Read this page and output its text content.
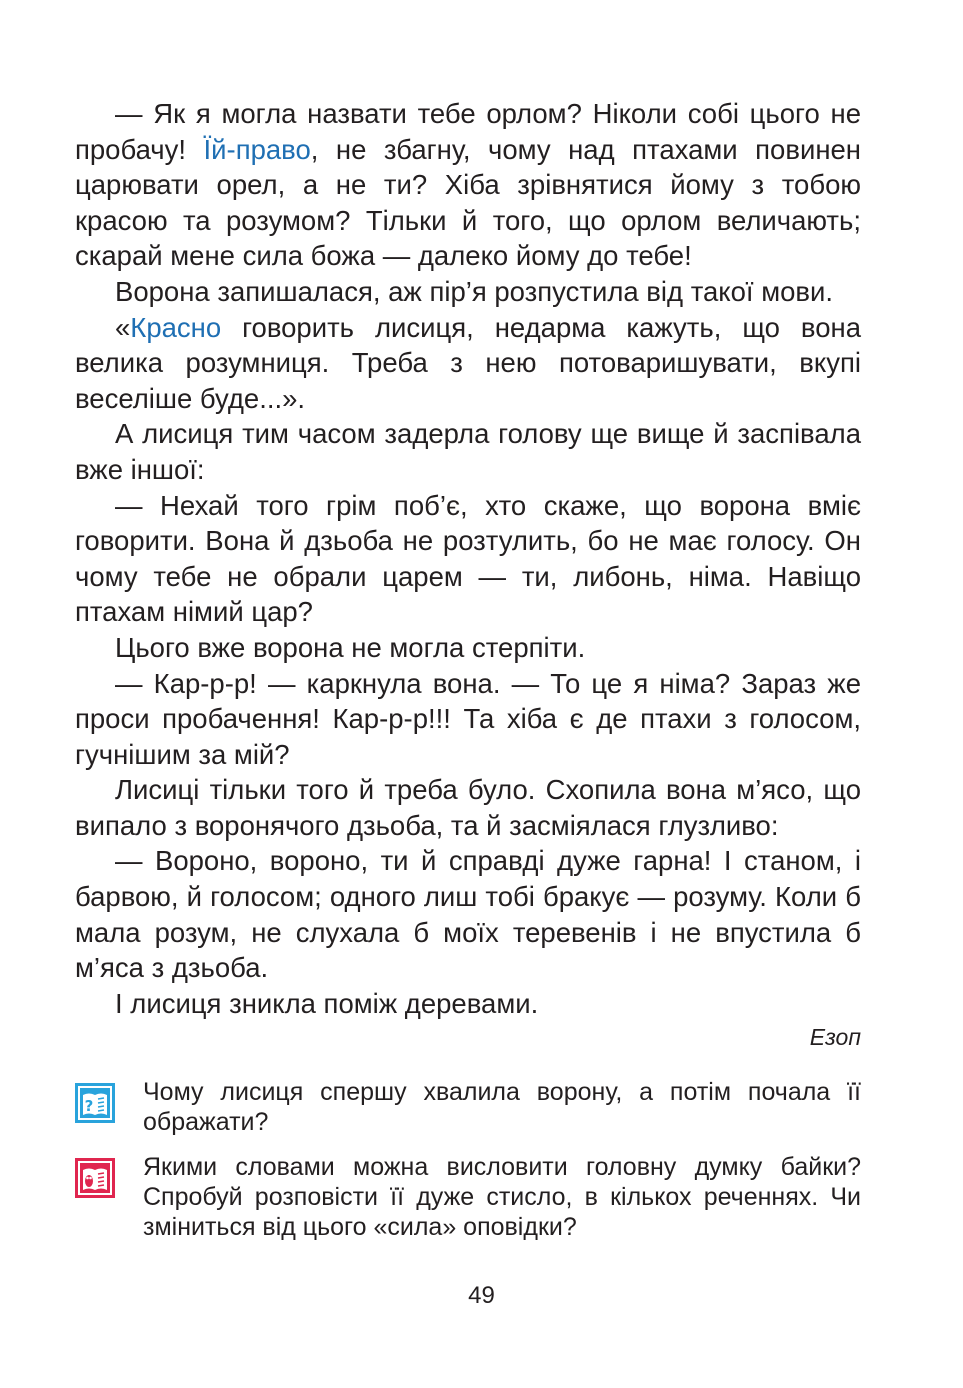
— Як я могла назвати тебе орлом? Ніколи собі цього не пробачу! Їй-право, не збагну, чому над птахами повинен царювати орел, а не ти? Хіба зрівнятися йому з тобою красою та розумом? Тільки й того, що орлом величають; скарай мене сила божа — далеко йому до тебе!

Ворона запишалася, аж пір’я розпустила від такої мови.

«Красно говорить лисиця, недарма кажуть, що вона велика розумниця. Треба з нею потоваришувати, вкупі веселіше буде...».

А лисиця тим часом задерла голову ще вище й заспівала вже іншої:

— Нехай того грім поб’є, хто скаже, що ворона вміє говорити. Вона й дзьоба не розтулить, бо не має голосу. Он чому тебе не обрали царем — ти, либонь, німа. Навіщо птахам німий цар?

Цього вже ворона не могла стерпіти.

— Кар-р-р! — каркнула вона. — То це я німа? Зараз же проси пробачення! Кар-р-р!!! Та хіба є де птахи з голосом, гучнішим за мій?

Лисиці тільки того й треба було. Схопила вона м’ясо, що випало з воронячого дзьоба, та й засміялася глузливо:

— Вороно, вороно, ти й справді дуже гарна! І станом, і барвою, й голосом; одного лиш тобі бракує — розуму. Коли б мала розум, не слухала б моїх теревенів і не впустила б м’яса з дзьоба.

І лисиця зникла поміж деревами.

Езоп

? Чому лисиця спершу хвалила ворону, а потім почала її ображати?
Якими словами можна висловити головну думку байки? Спробуй розповісти її дуже стисло, в кількох реченнях. Чи зміниться від цього «сила» оповідки?
49
